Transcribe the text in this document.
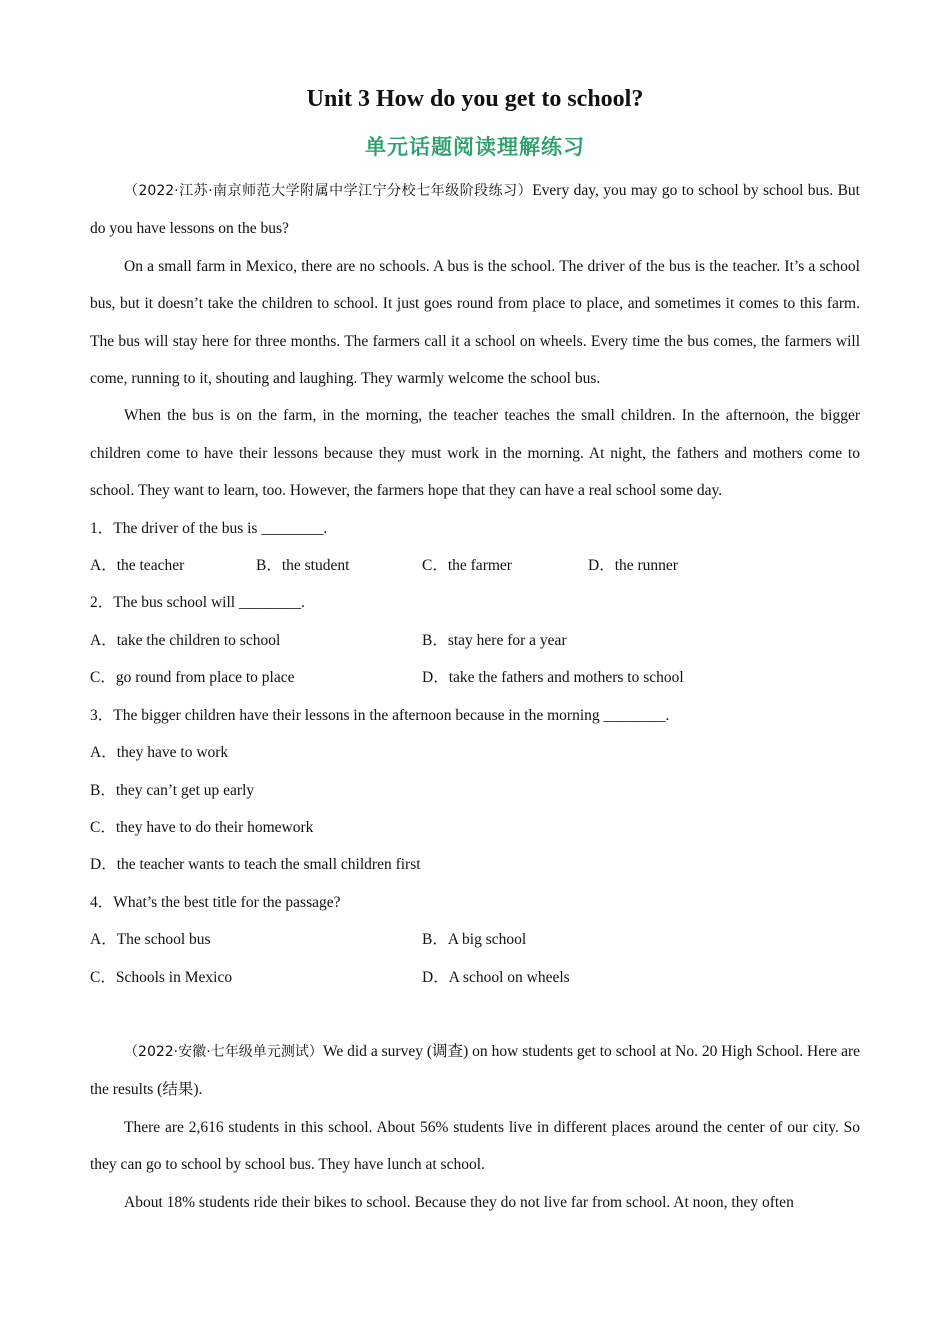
Unit 3 How do you get to school?
单元话题阅读理解练习

（2022·江苏·南京师范大学附属中学江宁分校七年级阶段练习）Every day, you may go to school by school bus. But do you have lessons on the bus?

On a small farm in Mexico, there are no schools. A bus is the school. The driver of the bus is the teacher. It’s a school bus, but it doesn’t take the children to school. It just goes round from place to place, and sometimes it comes to this farm. The bus will stay here for three months. The farmers call it a school on wheels. Every time the bus comes, the farmers will come, running to it, shouting and laughing. They warmly welcome the school bus.

When the bus is on the farm, in the morning, the teacher teaches the small children. In the afternoon, the bigger children come to have their lessons because they must work in the morning. At night, the fathers and mothers come to school. They want to learn, too. However, the farmers hope that they can have a real school some day.

1．The driver of the bus is ________.

A．the teacher	B．the student	C．the farmer	D．the runner

2．The bus school will ________.

A．take the children to school	B．stay here for a year
C．go round from place to place	D．take the fathers and mothers to school

3．The bigger children have their lessons in the afternoon because in the morning ________.

A．they have to work

B．they can’t get up early

C．they have to do their homework

D．the teacher wants to teach the small children first

4．What’s the best title for the passage?

A．The school bus	B．A big school
C．Schools in Mexico	D．A school on wheels

（2022·安徽·七年级单元测试）We did a survey (调查) on how students get to school at No. 20 High School. Here are the results (结果).

There are 2,616 students in this school. About 56% students live in different places around the center of our city. So they can go to school by school bus. They have lunch at school.

About 18% students ride their bikes to school. Because they do not live far from school. At noon, they often
